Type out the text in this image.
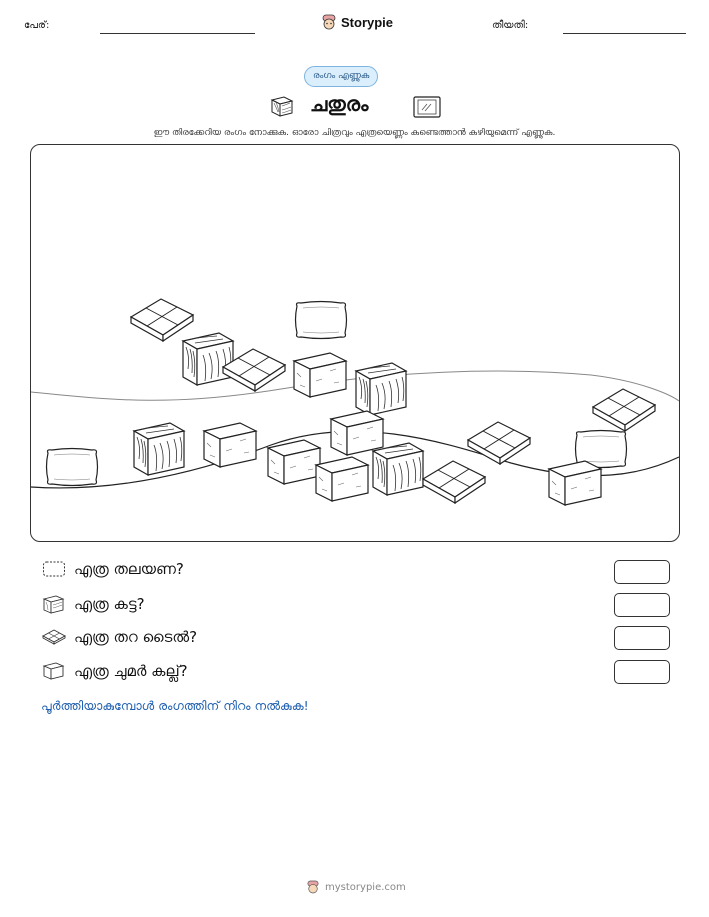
പേര്:	Storypie	തീയതി:
രംഗം എണ്ണുക
ചതുരം
ഈ തിരക്കേറിയ രംഗം നോക്കുക. ഓരോ ചിത്രവും എത്രയെണ്ണം കണ്ടെത്താൻ കഴിയുമെന്ന് എണ്ണുക.
എത്ര തലയണ?
എത്ര കട്ട?
എത്ര തറ ടൈൽ?
എത്ര ചുമർ കല്ല്?
പൂർത്തിയാകുമ്പോൾ രംഗത്തിന് നിറം നൽകുക!
mystorypie.com
